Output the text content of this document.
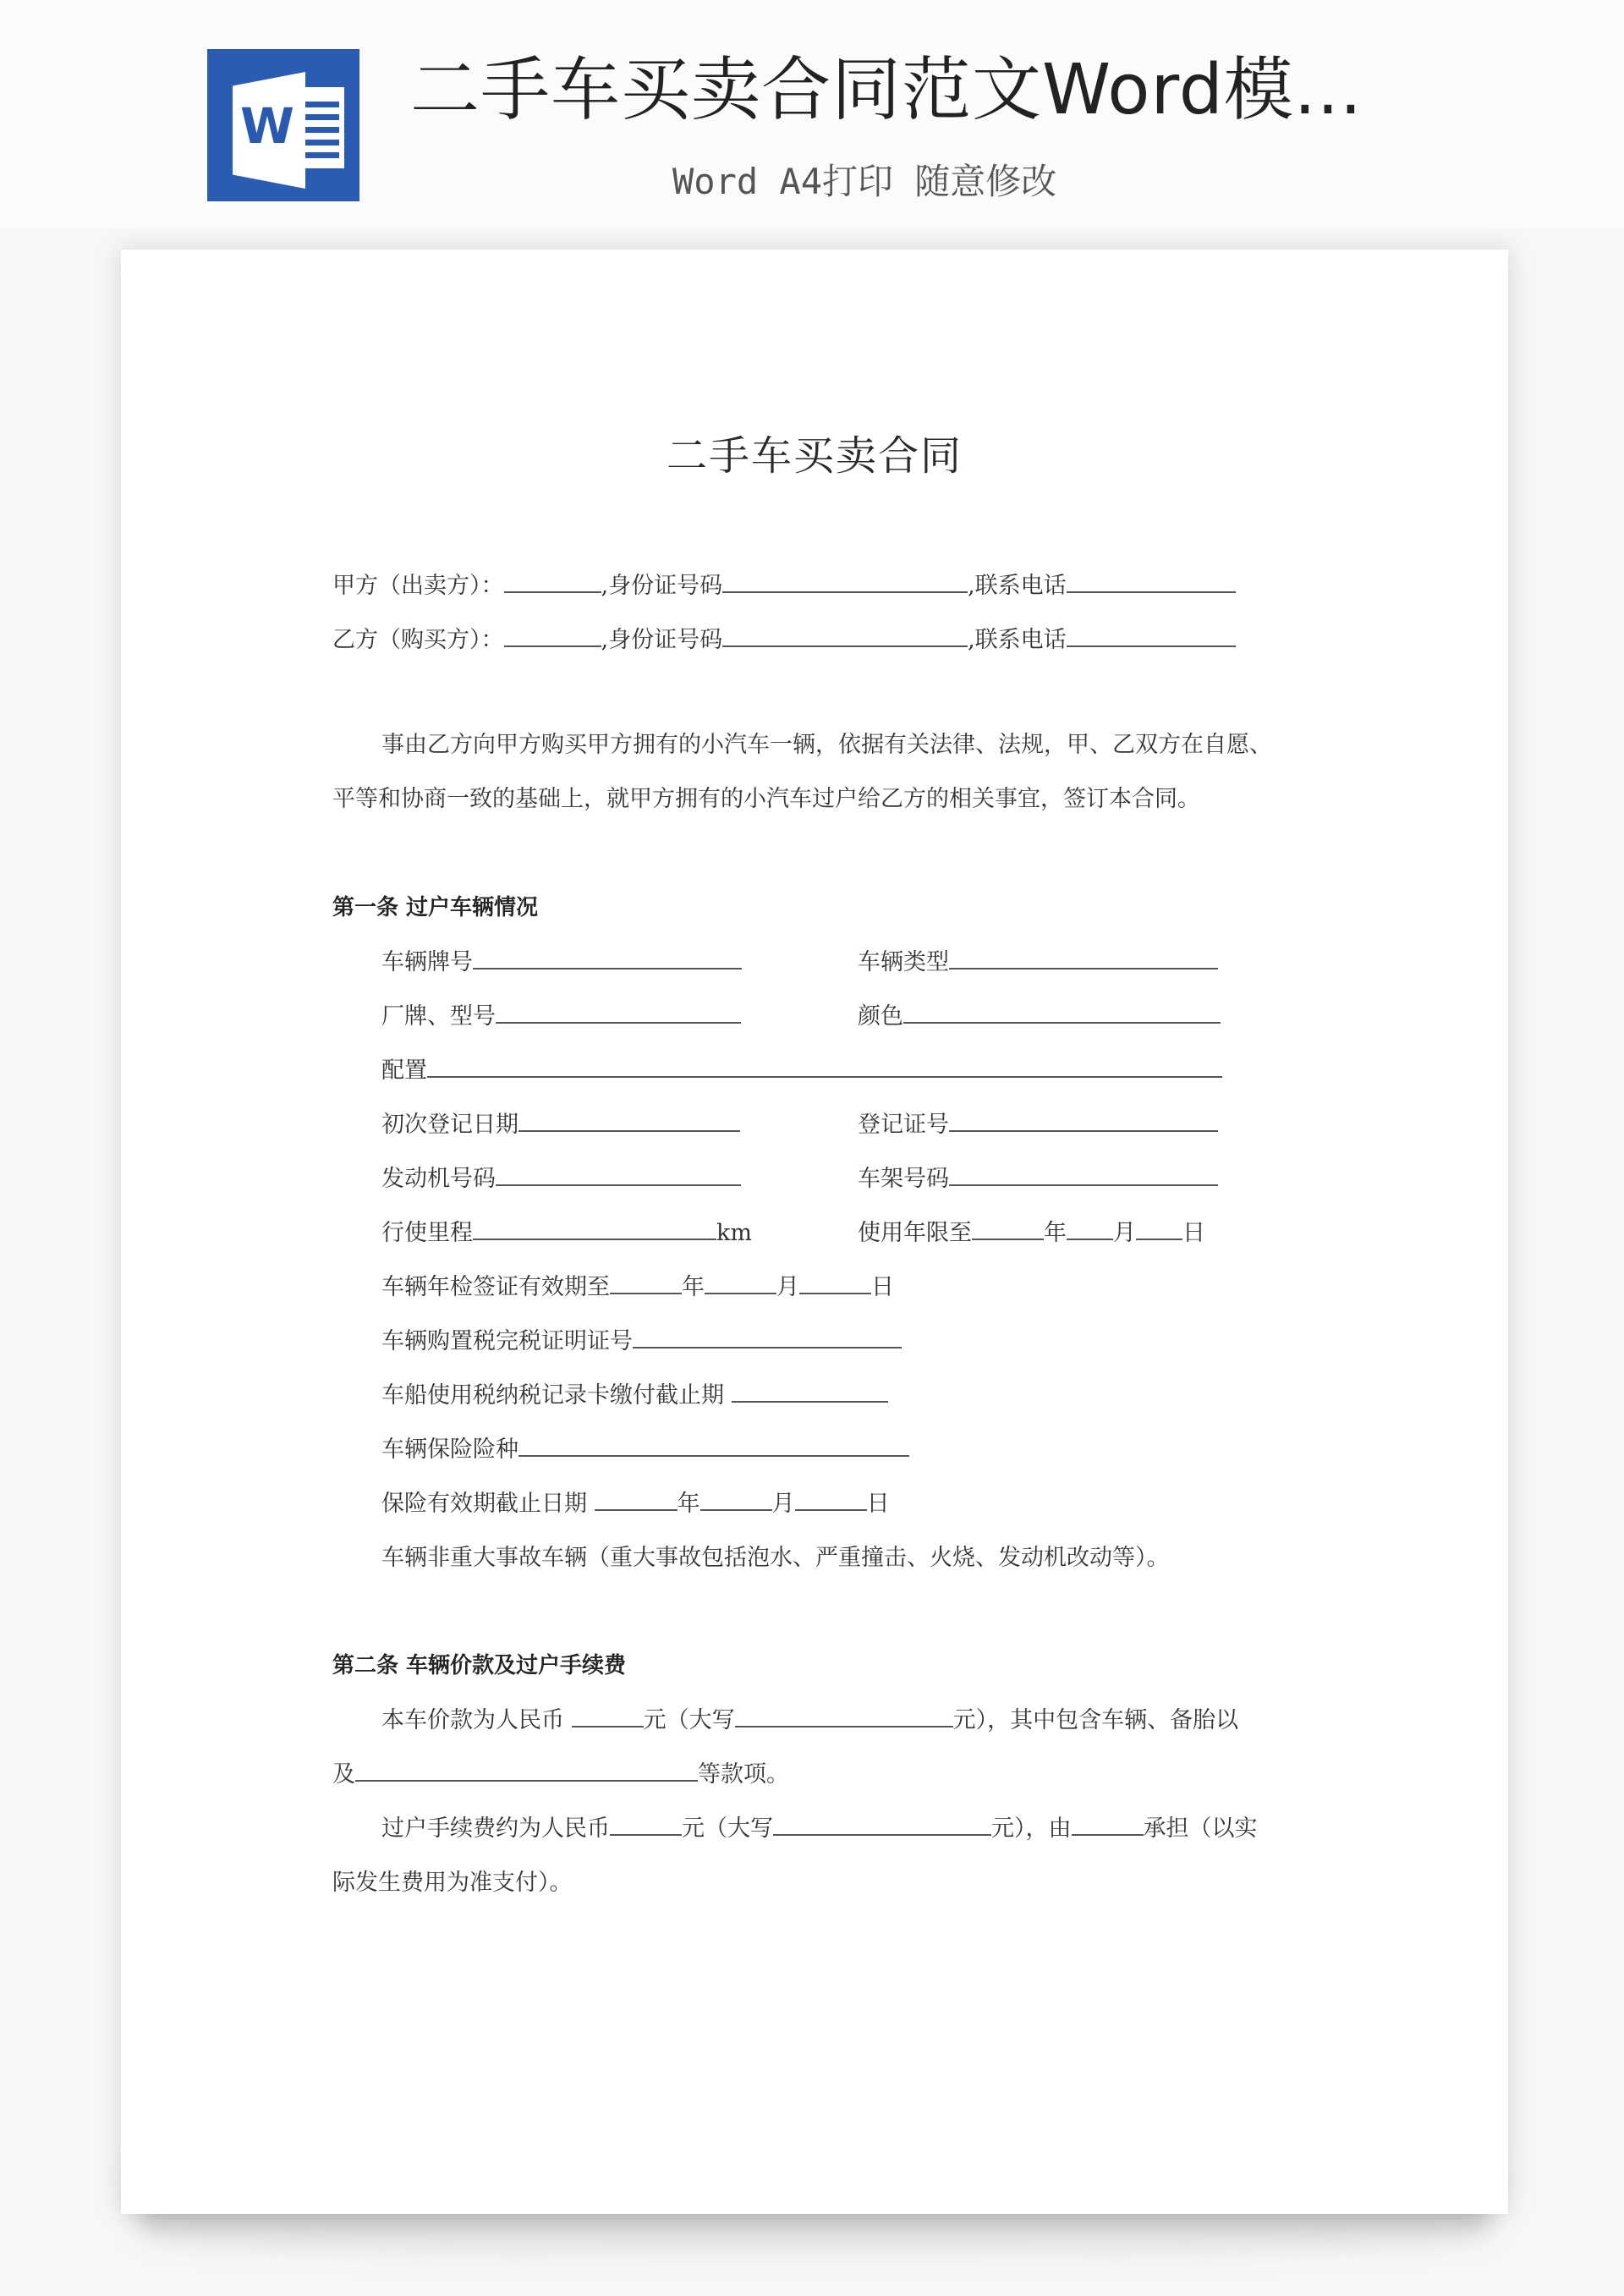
W 二手车买卖合同范文Word模...
Word A4打印 随意修改
二手车买卖合同
甲方（出卖方）：	,身份证号码	,联系电话
乙方（购买方）：	,身份证号码	,联系电话
事由乙方向甲方购买甲方拥有的小汽车一辆，依据有关法律、法规，甲、乙双方在自愿、
平等和协商一致的基础上，就甲方拥有的小汽车过户给乙方的相关事宜，签订本合同。
第一条 过户车辆情况
车辆牌号	车辆类型
厂牌、型号	颜色
配置
初次登记日期	登记证号
发动机号码	车架号码
行使里程	km	使用年限至	年 月 日
车辆年检签证有效期至	年	月	日
车辆购置税完税证明证号
车船使用税纳税记录卡缴付截止期
车辆保险险种
保险有效期截止日期	年	月	日
车辆非重大事故车辆（重大事故包括泡水、严重撞击、火烧、发动机改动等）。
第二条 车辆价款及过户手续费
本车价款为人民币	元（大写	元），其中包含车辆、备胎以
及	等款项。
过户手续费约为人民币	元（大写	元），由	承担（以实
际发生费用为准支付）。
